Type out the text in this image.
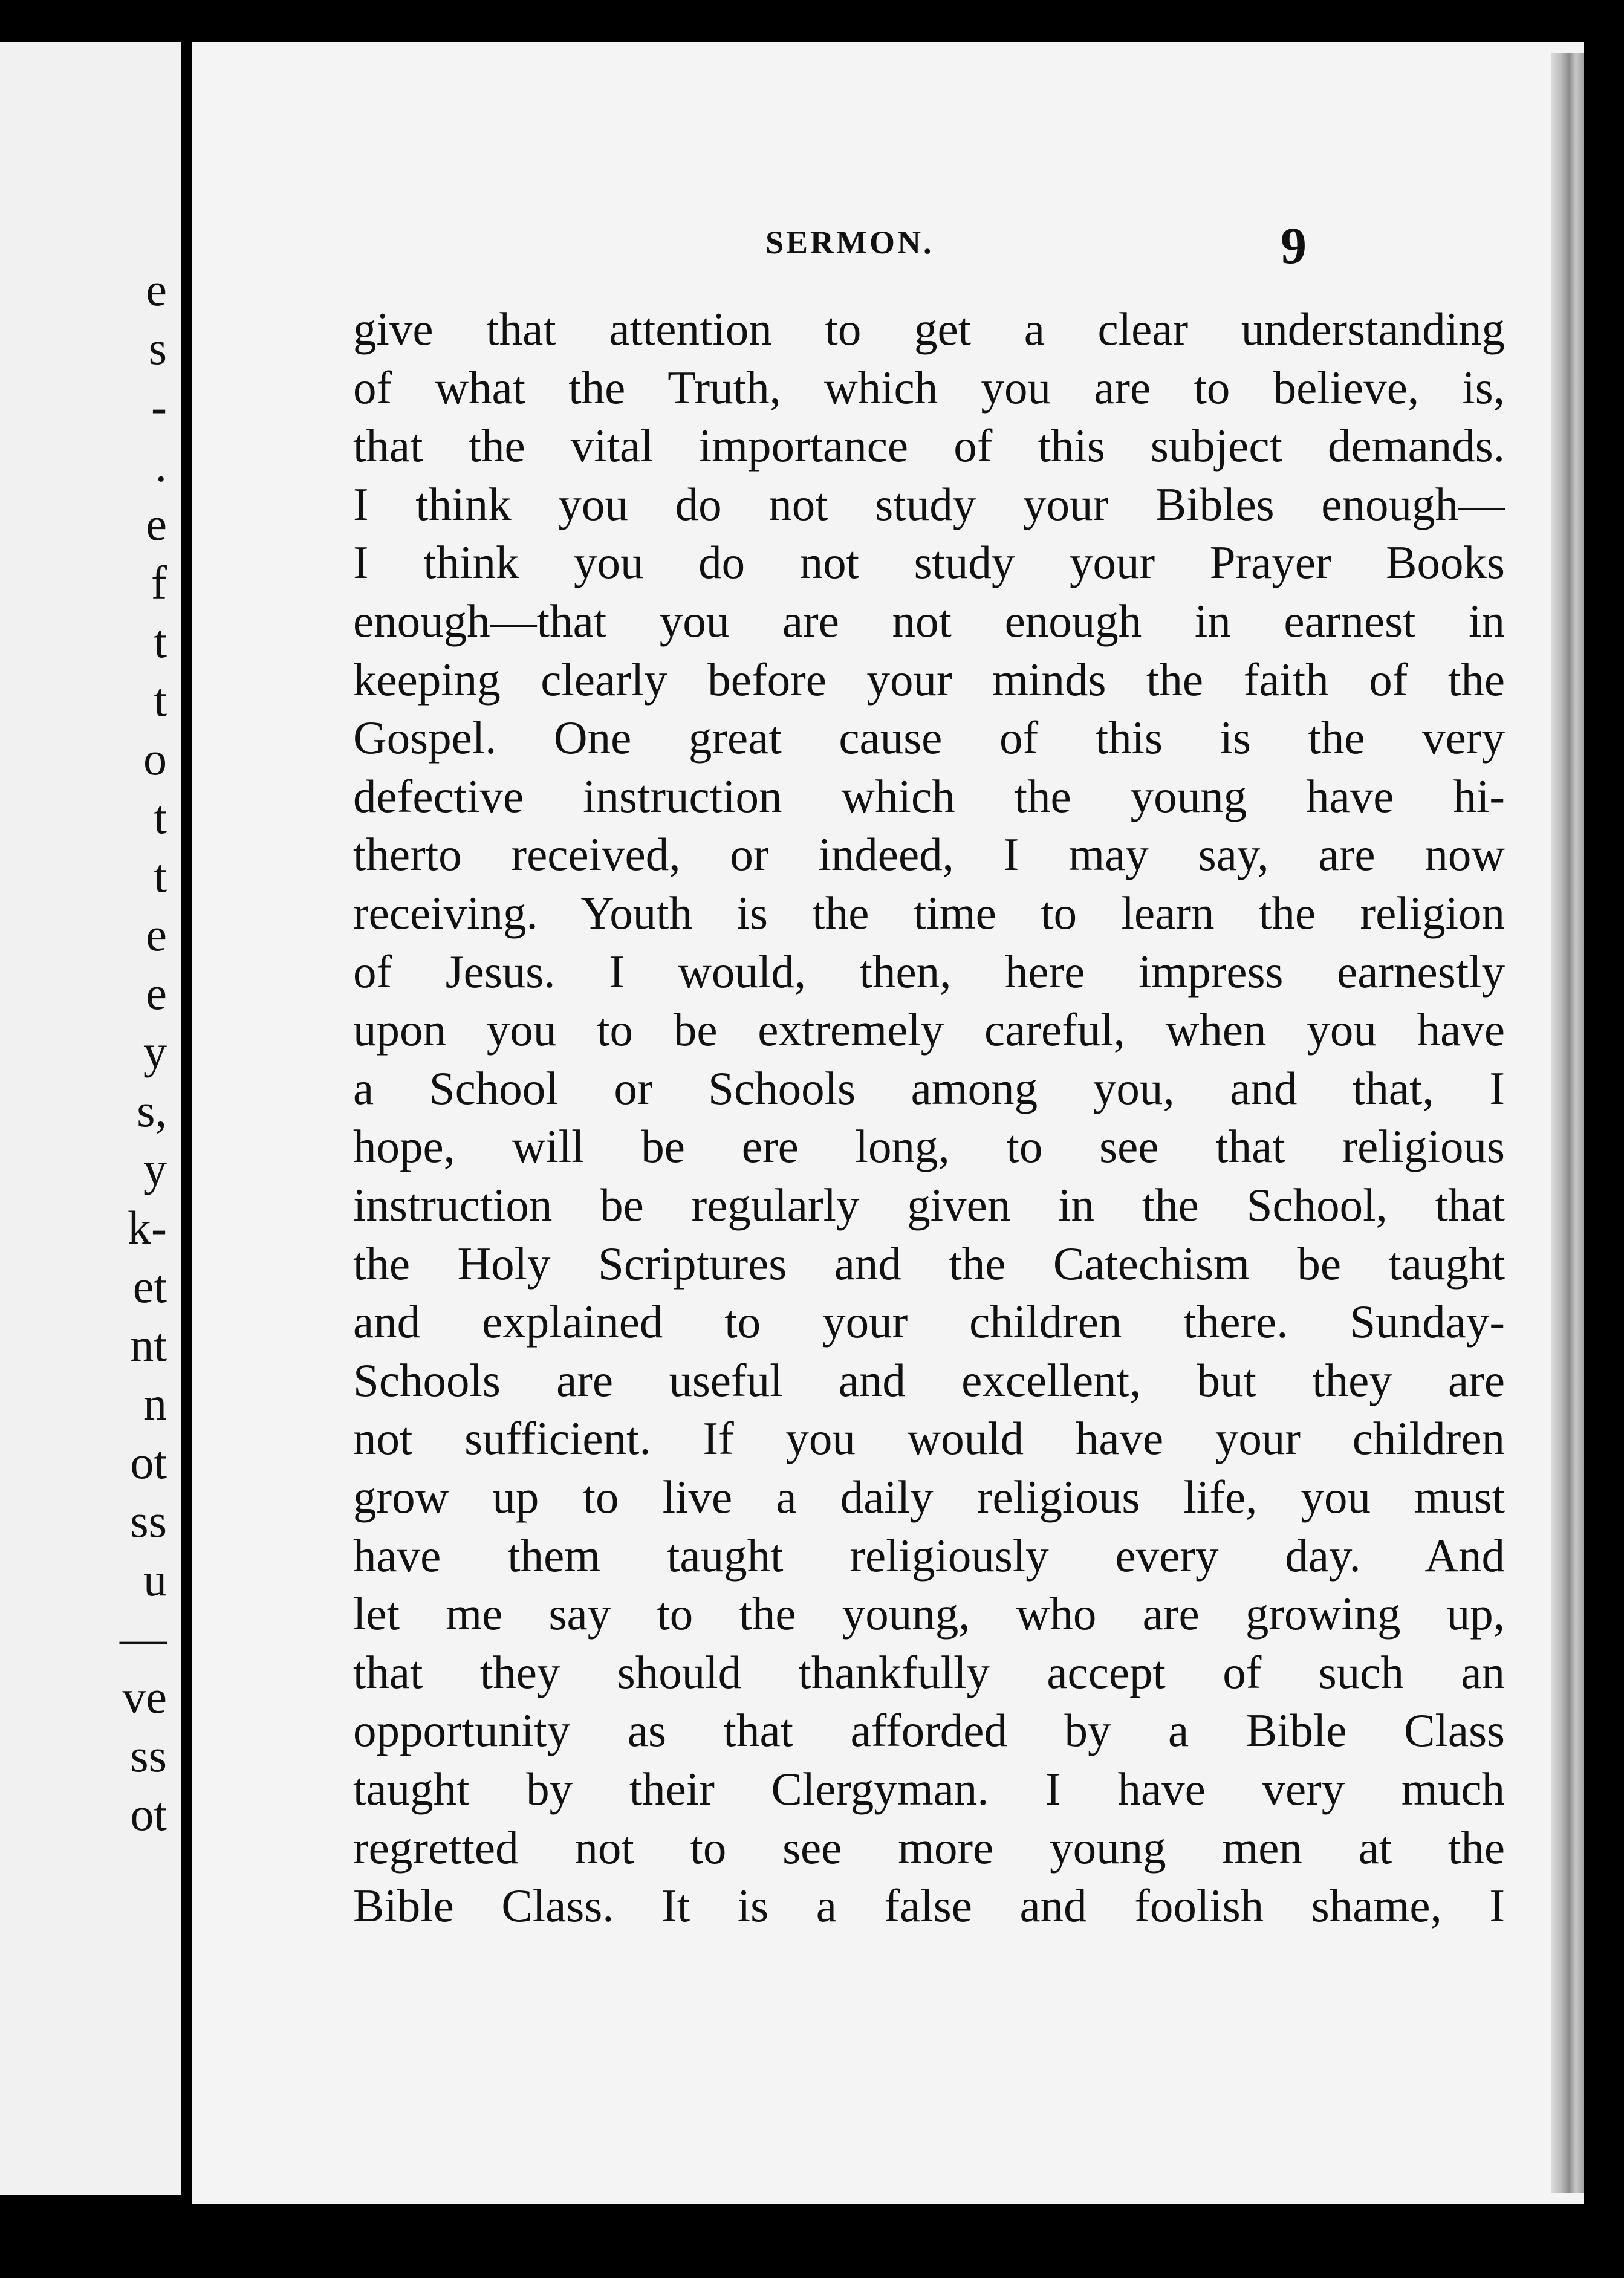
e
s
-
.
e
f
t
t
o
t
t
e
e
y
s,
y
k-
et
nt
n
ot
ss
u
—
ve
ss
ot
SERMON.	9
give that attention to get a clear understanding
of what the Truth, which you are to believe, is,
that the vital importance of this subject demands.
I think you do not study your Bibles enough—
I think you do not study your Prayer Books
enough—that you are not enough in earnest in
keeping clearly before your minds the faith of the
Gospel. One great cause of this is the very
defective instruction which the young have hi-
therto received, or indeed, I may say, are now
receiving. Youth is the time to learn the religion
of Jesus. I would, then, here impress earnestly
upon you to be extremely careful, when you have
a School or Schools among you, and that, I
hope, will be ere long, to see that religious
instruction be regularly given in the School, that
the Holy Scriptures and the Catechism be taught
and explained to your children there. Sunday-
Schools are useful and excellent, but they are
not sufficient. If you would have your children
grow up to live a daily religious life, you must
have them taught religiously every day. And
let me say to the young, who are growing up,
that they should thankfully accept of such an
opportunity as that afforded by a Bible Class
taught by their Clergyman. I have very much
regretted not to see more young men at the
Bible Class. It is a false and foolish shame, I
